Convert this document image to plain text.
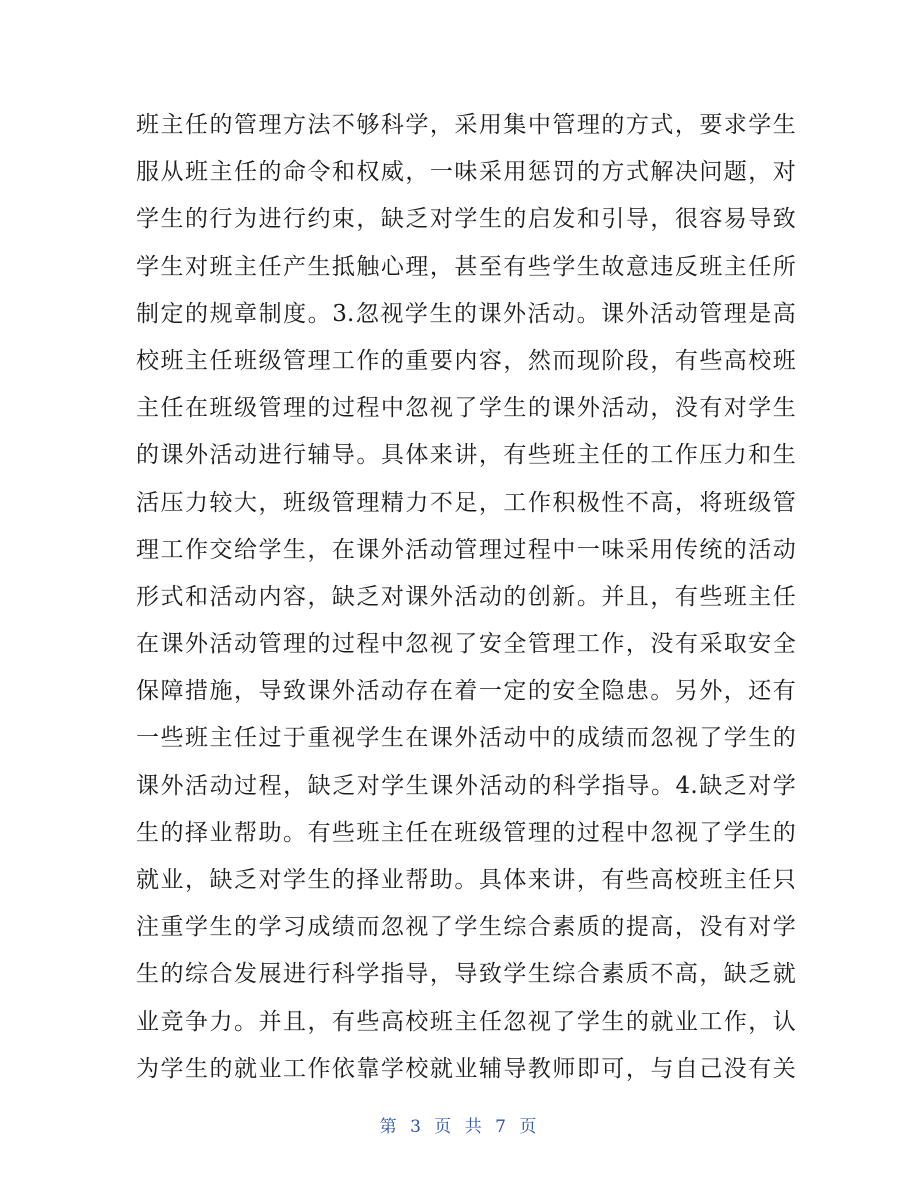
班主任的管理方法不够科学，采用集中管理的方式，要求学生
服从班主任的命令和权威，一味采用惩罚的方式解决问题，对
学生的行为进行约束，缺乏对学生的启发和引导，很容易导致
学生对班主任产生抵触心理，甚至有些学生故意违反班主任所
制定的规章制度。3.忽视学生的课外活动。课外活动管理是高
校班主任班级管理工作的重要内容，然而现阶段，有些高校班
主任在班级管理的过程中忽视了学生的课外活动，没有对学生
的课外活动进行辅导。具体来讲，有些班主任的工作压力和生
活压力较大，班级管理精力不足，工作积极性不高，将班级管
理工作交给学生，在课外活动管理过程中一味采用传统的活动
形式和活动内容，缺乏对课外活动的创新。并且，有些班主任
在课外活动管理的过程中忽视了安全管理工作，没有采取安全
保障措施，导致课外活动存在着一定的安全隐患。另外，还有
一些班主任过于重视学生在课外活动中的成绩而忽视了学生的
课外活动过程，缺乏对学生课外活动的科学指导。4.缺乏对学
生的择业帮助。有些班主任在班级管理的过程中忽视了学生的
就业，缺乏对学生的择业帮助。具体来讲，有些高校班主任只
注重学生的学习成绩而忽视了学生综合素质的提高，没有对学
生的综合发展进行科学指导，导致学生综合素质不高，缺乏就
业竞争力。并且，有些高校班主任忽视了学生的就业工作，认
为学生的就业工作依靠学校就业辅导教师即可，与自己没有关
第 3 页 共 7 页
